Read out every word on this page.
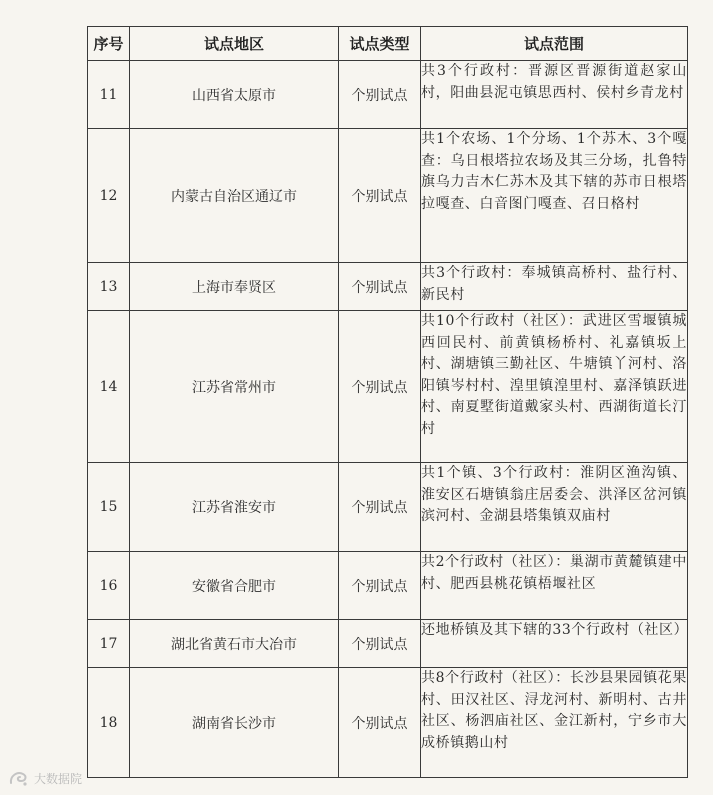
序号	试点地区	试点类型	试点范围
11	山西省太原市	个别试点	共3个行政村：晋源区晋源街道赵家山村，阳曲县泥屯镇思西村、侯村乡青龙村
12	内蒙古自治区通辽市	个别试点	共1个农场、1个分场、1个苏木、3个嘎查：乌日根塔拉农场及其三分场，扎鲁特旗乌力吉木仁苏木及其下辖的苏市日根塔拉嘎查、白音图门嘎查、召日格村
13	上海市奉贤区	个别试点	共3个行政村：奉城镇高桥村、盐行村、新民村
14	江苏省常州市	个别试点	共10个行政村（社区）：武进区雪堰镇城西回民村、前黄镇杨桥村、礼嘉镇坂上村、湖塘镇三勤社区、牛塘镇丫河村、洛阳镇岑村村、湟里镇湟里村、嘉泽镇跃进村、南夏墅街道戴家头村、西湖街道长汀村
15	江苏省淮安市	个别试点	共1个镇、3个行政村：淮阴区渔沟镇、淮安区石塘镇翁庄居委会、洪泽区岔河镇滨河村、金湖县塔集镇双庙村
16	安徽省合肥市	个别试点	共2个行政村（社区）：巢湖市黄麓镇建中村、肥西县桃花镇梧堰社区
17	湖北省黄石市大冶市	个别试点	还地桥镇及其下辖的33个行政村（社区）
18	湖南省长沙市	个别试点	共8个行政村（社区）：长沙县果园镇花果村、田汉社区、浔龙河村、新明村、古井社区、杨泗庙社区、金江新村，宁乡市大成桥镇鹅山村
大数据院
